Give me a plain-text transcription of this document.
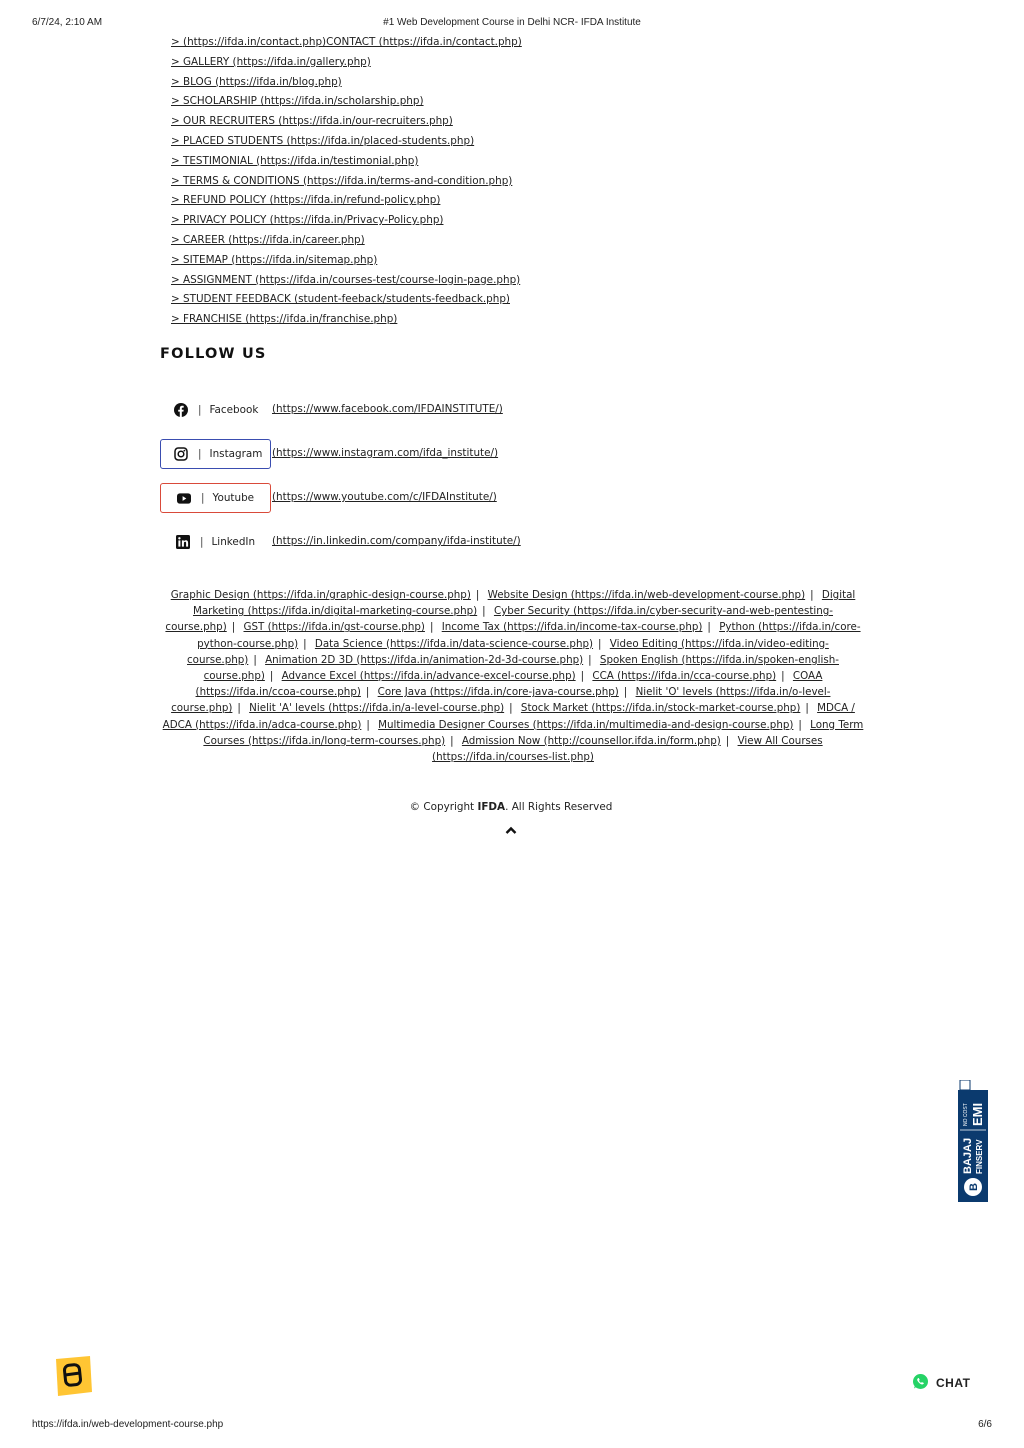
6/7/24, 2:10 AM	#1 Web Development Course in Delhi NCR- IFDA Institute
> (https://ifda.in/contact.php)CONTACT (https://ifda.in/contact.php)
> GALLERY (https://ifda.in/gallery.php)
> BLOG (https://ifda.in/blog.php)
> SCHOLARSHIP (https://ifda.in/scholarship.php)
> OUR RECRUITERS (https://ifda.in/our-recruiters.php)
> PLACED STUDENTS (https://ifda.in/placed-students.php)
> TESTIMONIAL (https://ifda.in/testimonial.php)
> TERMS & CONDITIONS (https://ifda.in/terms-and-condition.php)
> REFUND POLICY (https://ifda.in/refund-policy.php)
> PRIVACY POLICY (https://ifda.in/Privacy-Policy.php)
> CAREER (https://ifda.in/career.php)
> SITEMAP (https://ifda.in/sitemap.php)
> ASSIGNMENT (https://ifda.in/courses-test/course-login-page.php)
> STUDENT FEEDBACK (student-feeback/students-feedback.php)
> FRANCHISE (https://ifda.in/franchise.php)
FOLLOW US
| Facebook (https://www.facebook.com/IFDAINSTITUTE/)
| Instagram (https://www.instagram.com/ifda_institute/)
| Youtube (https://www.youtube.com/c/IFDAInstitute/)
| LinkedIn (https://in.linkedin.com/company/ifda-institute/)
Graphic Design (https://ifda.in/graphic-design-course.php) | Website Design (https://ifda.in/web-development-course.php) | Digital Marketing (https://ifda.in/digital-marketing-course.php) | Cyber Security (https://ifda.in/cyber-security-and-web-pentesting-course.php) | GST (https://ifda.in/gst-course.php) | Income Tax (https://ifda.in/income-tax-course.php) | Python (https://ifda.in/core-python-course.php) | Data Science (https://ifda.in/data-science-course.php) | Video Editing (https://ifda.in/video-editing-course.php) | Animation 2D 3D (https://ifda.in/animation-2d-3d-course.php) | Spoken English (https://ifda.in/spoken-english-course.php) | Advance Excel (https://ifda.in/advance-excel-course.php) | CCA (https://ifda.in/cca-course.php) | COAA (https://ifda.in/ccoa-course.php) | Core Java (https://ifda.in/core-java-course.php) | Nielit 'O' levels (https://ifda.in/o-level-course.php) | Nielit 'A' levels (https://ifda.in/a-level-course.php) | Stock Market (https://ifda.in/stock-market-course.php) | MDCA / ADCA (https://ifda.in/adca-course.php) | Multimedia Designer Courses (https://ifda.in/multimedia-and-design-course.php) | Long Term Courses (https://ifda.in/long-term-courses.php) | Admission Now (http://counsellor.ifda.in/form.php) | View All Courses (https://ifda.in/courses-list.php)
© Copyright IFDA. All Rights Reserved
B
BAJAJ FINSERV
NO COST EMI
CHAT
https://ifda.in/web-development-course.php	6/6
